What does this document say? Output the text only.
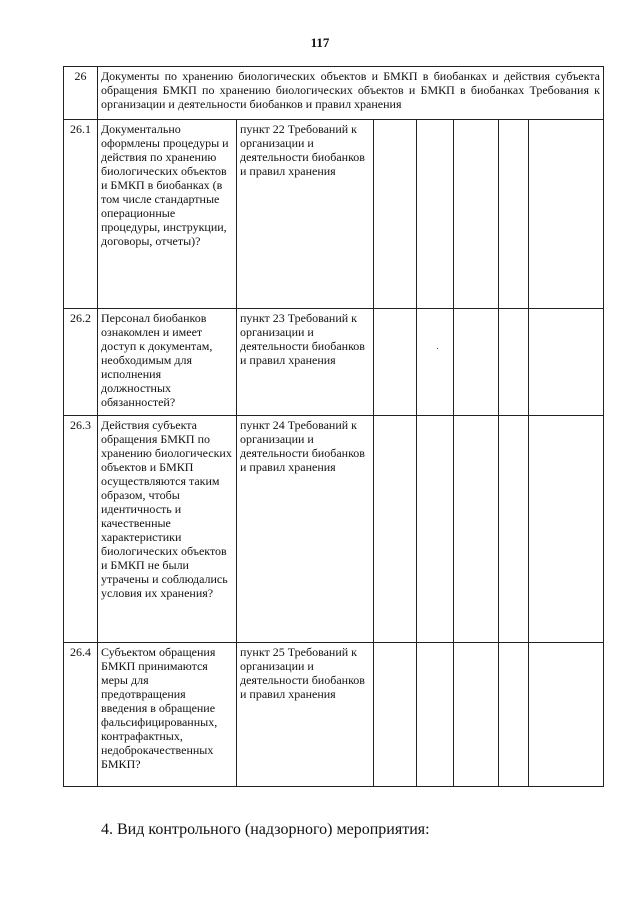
117
26	Документы по хранению биологических объектов и БМКП в биобанках и действия субъекта обращения БМКП по хранению биологических объектов и БМКП в биобанках Требования к организации и деятельности биобанков и правил хранения						
26.1	Документально оформлены процедуры и действия по хранению биологических объектов и БМКП в биобанках (в том числе стандартные операционные процедуры, инструкции, договоры, отчеты)?	пункт 22 Требований к организации и деятельности биобанков и правил хранения					
26.2	Персонал биобанков ознакомлен и имеет доступ к документам, необходимым для исполнения должностных обязанностей?	пункт 23 Требований к организации и деятельности биобанков и правил хранения					
26.3	Действия субъекта обращения БМКП по хранению биологических объектов и БМКП осуществляются таким образом, чтобы идентичность и качественные характеристики биологических объектов и БМКП не были утрачены и соблюдались условия их хранения?	пункт 24 Требований к организации и деятельности биобанков и правил хранения					
26.4	Субъектом обращения БМКП принимаются меры для предотвращения введения в обращение фальсифицированных, контрафактных, недоброкачественных БМКП?	пункт 25 Требований к организации и деятельности биобанков и правил хранения					
4. Вид контрольного (надзорного) мероприятия:
